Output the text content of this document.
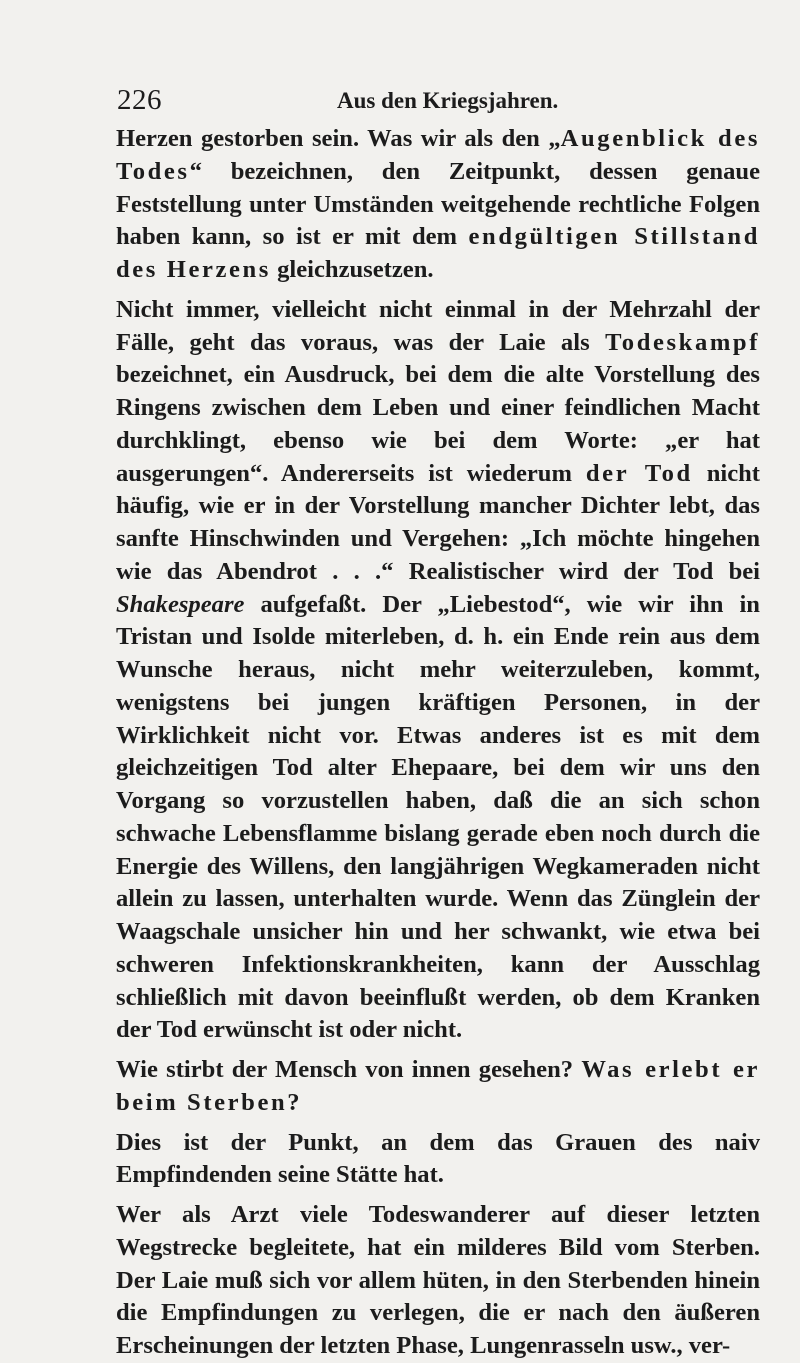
226	Aus den Kriegsjahren.

Herzen gestorben sein. Was wir als den „Augenblick des Todes“ bezeichnen, den Zeitpunkt, dessen genaue Feststellung unter Umständen weitgehende rechtliche Folgen haben kann, so ist er mit dem endgültigen Stillstand des Herzens gleichzusetzen.

Nicht immer, vielleicht nicht einmal in der Mehrzahl der Fälle, geht das voraus, was der Laie als Todeskampf bezeichnet, ein Ausdruck, bei dem die alte Vorstellung des Ringens zwischen dem Leben und einer feindlichen Macht durchklingt, ebenso wie bei dem Worte: „er hat ausgerungen“. Andererseits ist wiederum der Tod nicht häufig, wie er in der Vorstellung mancher Dichter lebt, das sanfte Hinschwinden und Vergehen: „Ich möchte hingehen wie das Abendrot . . .“ Realistischer wird der Tod bei Shakespeare aufgefaßt. Der „Liebestod“, wie wir ihn in Tristan und Isolde miterleben, d. h. ein Ende rein aus dem Wunsche heraus, nicht mehr weiterzuleben, kommt, wenigstens bei jungen kräftigen Personen, in der Wirklichkeit nicht vor. Etwas anderes ist es mit dem gleichzeitigen Tod alter Ehepaare, bei dem wir uns den Vorgang so vorzustellen haben, daß die an sich schon schwache Lebensflamme bislang gerade eben noch durch die Energie des Willens, den langjährigen Wegkameraden nicht allein zu lassen, unterhalten wurde. Wenn das Zünglein der Waagschale unsicher hin und her schwankt, wie etwa bei schweren Infektionskrankheiten, kann der Ausschlag schließlich mit davon beeinflußt werden, ob dem Kranken der Tod erwünscht ist oder nicht.

Wie stirbt der Mensch von innen gesehen? Was erlebt er beim Sterben?

Dies ist der Punkt, an dem das Grauen des naiv Empfindenden seine Stätte hat.

Wer als Arzt viele Todeswanderer auf dieser letzten Wegstrecke begleitete, hat ein milderes Bild vom Sterben. Der Laie muß sich vor allem hüten, in den Sterbenden hinein die Empfindungen zu verlegen, die er nach den äußeren Erscheinungen der letzten Phase, Lungenrasseln usw., ver-
